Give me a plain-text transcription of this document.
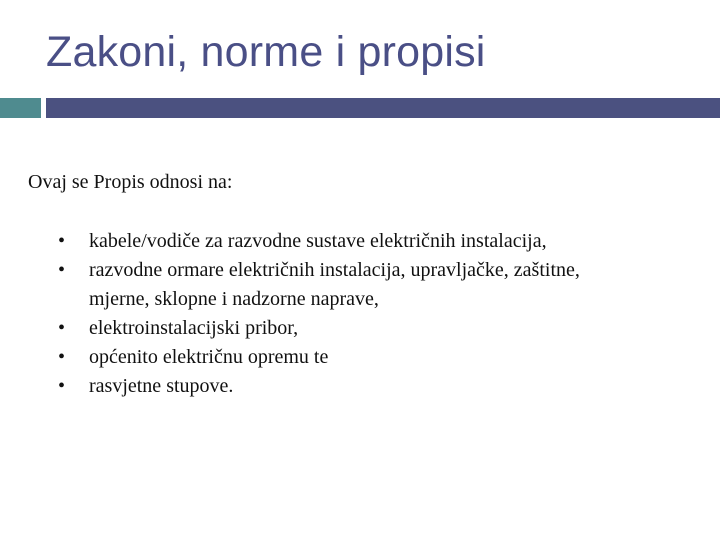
Zakoni, norme i propisi
Ovaj se Propis odnosi na:
•	kabele/vodiče za razvodne sustave električnih instalacija,
•	razvodne ormare električnih instalacija, upravljačke, zaštitne,
mjerne, sklopne i nadzorne naprave,
•	elektroinstalacijski pribor,
•	općenito električnu opremu te
•	rasvjetne stupove.
